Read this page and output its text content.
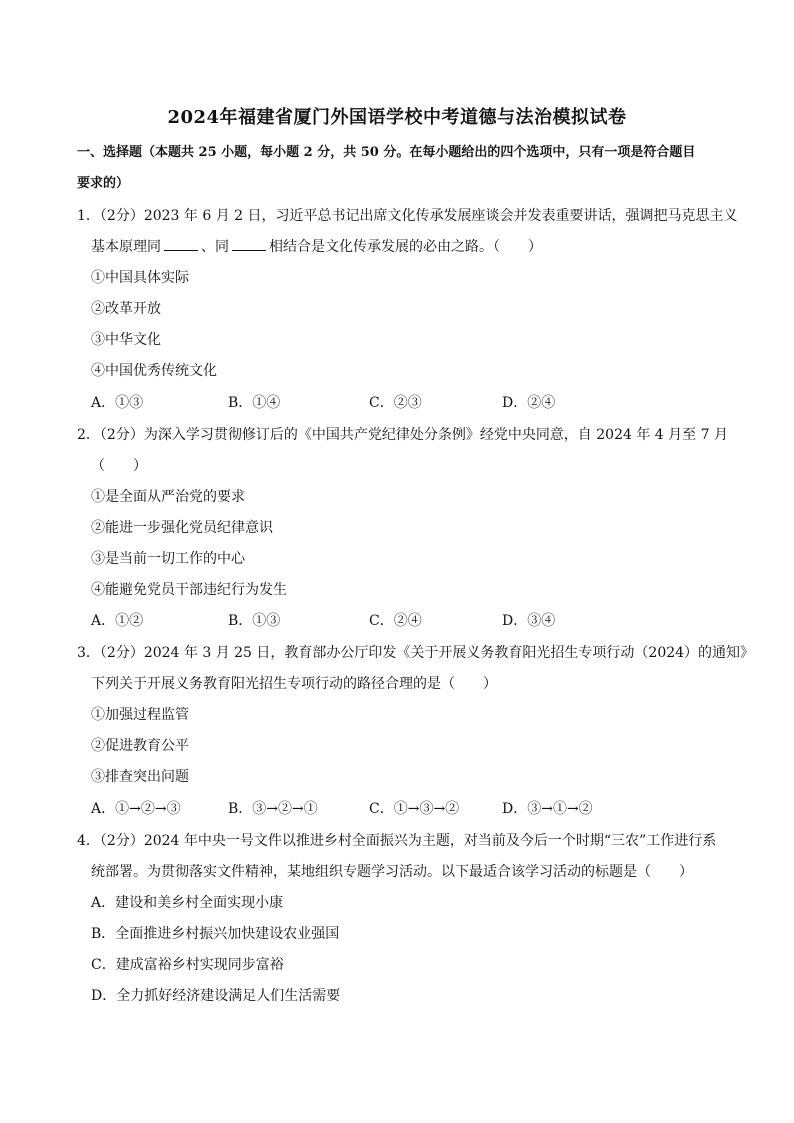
2024年福建省厦门外国语学校中考道德与法治模拟试卷
一、选择题（本题共 25 小题，每小题 2 分，共 50 分。在每小题给出的四个选项中，只有一项是符合题目
要求的）
1．（2分）2023 年 6 月 2 日，习近平总书记出席文化传承发展座谈会并发表重要讲话，强调把马克思主义
基本原理同	、同	相结合是文化传承发展的必由之路。（　　）
①中国具体实际
②改革开放
③中华文化
④中国优秀传统文化
A．①③	B．①④	C．②③	D．②④
2．（2分）为深入学习贯彻修订后的《中国共产党纪律处分条例》经党中央同意，自 2024 年 4 月至 7 月
（　　）
①是全面从严治党的要求
②能进一步强化党员纪律意识
③是当前一切工作的中心
④能避免党员干部违纪行为发生
A．①②	B．①③	C．②④	D．③④
3．（2分）2024 年 3 月 25 日，教育部办公厅印发《关于开展义务教育阳光招生专项行动（2024）的通知》
下列关于开展义务教育阳光招生专项行动的路径合理的是（　　）
①加强过程监管
②促进教育公平
③排查突出问题
A．①→②→③	B．③→②→①	C．①→③→②	D．③→①→②
4．（2分）2024 年中央一号文件以推进乡村全面振兴为主题，对当前及今后一个时期“三农”工作进行系
统部署。为贯彻落实文件精神，某地组织专题学习活动。以下最适合该学习活动的标题是（　　）
A．建设和美乡村全面实现小康
B．全面推进乡村振兴加快建设农业强国
C．建成富裕乡村实现同步富裕
D．全力抓好经济建设满足人们生活需要
